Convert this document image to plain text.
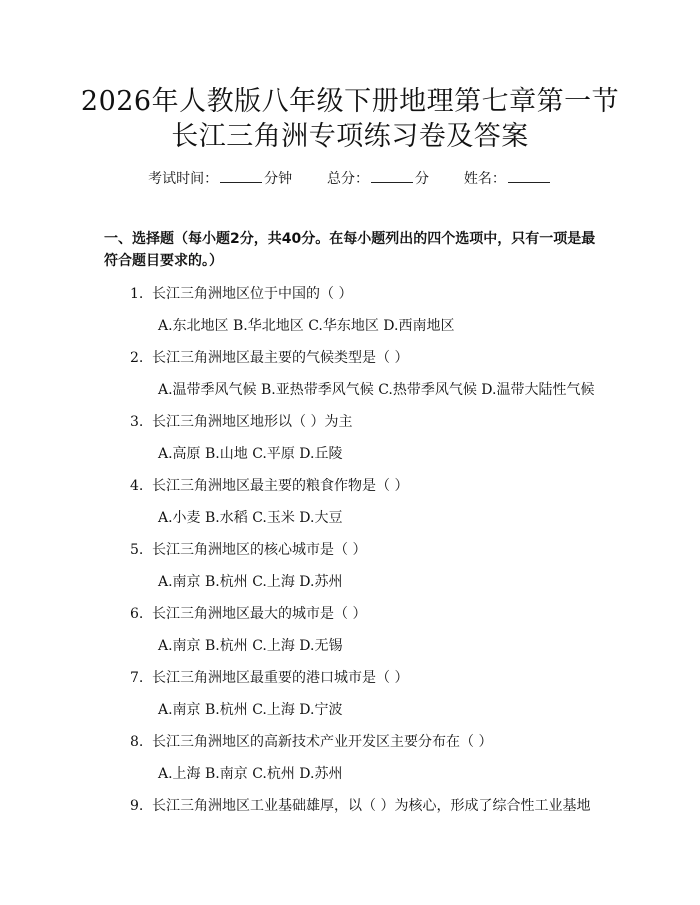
2026年人教版八年级下册地理第七章第一节
长江三角洲专项练习卷及答案
考试时间：	分钟 总分：	分 姓名：
一、选择题（每小题2分，共40分。在每小题列出的四个选项中，只有一项是最符合题目要求的。）
1. 长江三角洲地区位于中国的（ ）
A.东北地区 B.华北地区 C.华东地区 D.西南地区
2. 长江三角洲地区最主要的气候类型是（ ）
A.温带季风气候 B.亚热带季风气候 C.热带季风气候 D.温带大陆性气候
3. 长江三角洲地区地形以（ ）为主
A.高原 B.山地 C.平原 D.丘陵
4. 长江三角洲地区最主要的粮食作物是（ ）
A.小麦 B.水稻 C.玉米 D.大豆
5. 长江三角洲地区的核心城市是（ ）
A.南京 B.杭州 C.上海 D.苏州
6. 长江三角洲地区最大的城市是（ ）
A.南京 B.杭州 C.上海 D.无锡
7. 长江三角洲地区最重要的港口城市是（ ）
A.南京 B.杭州 C.上海 D.宁波
8. 长江三角洲地区的高新技术产业开发区主要分布在（ ）
A.上海 B.南京 C.杭州 D.苏州
9. 长江三角洲地区工业基础雄厚，以（ ）为核心，形成了综合性工业基地
